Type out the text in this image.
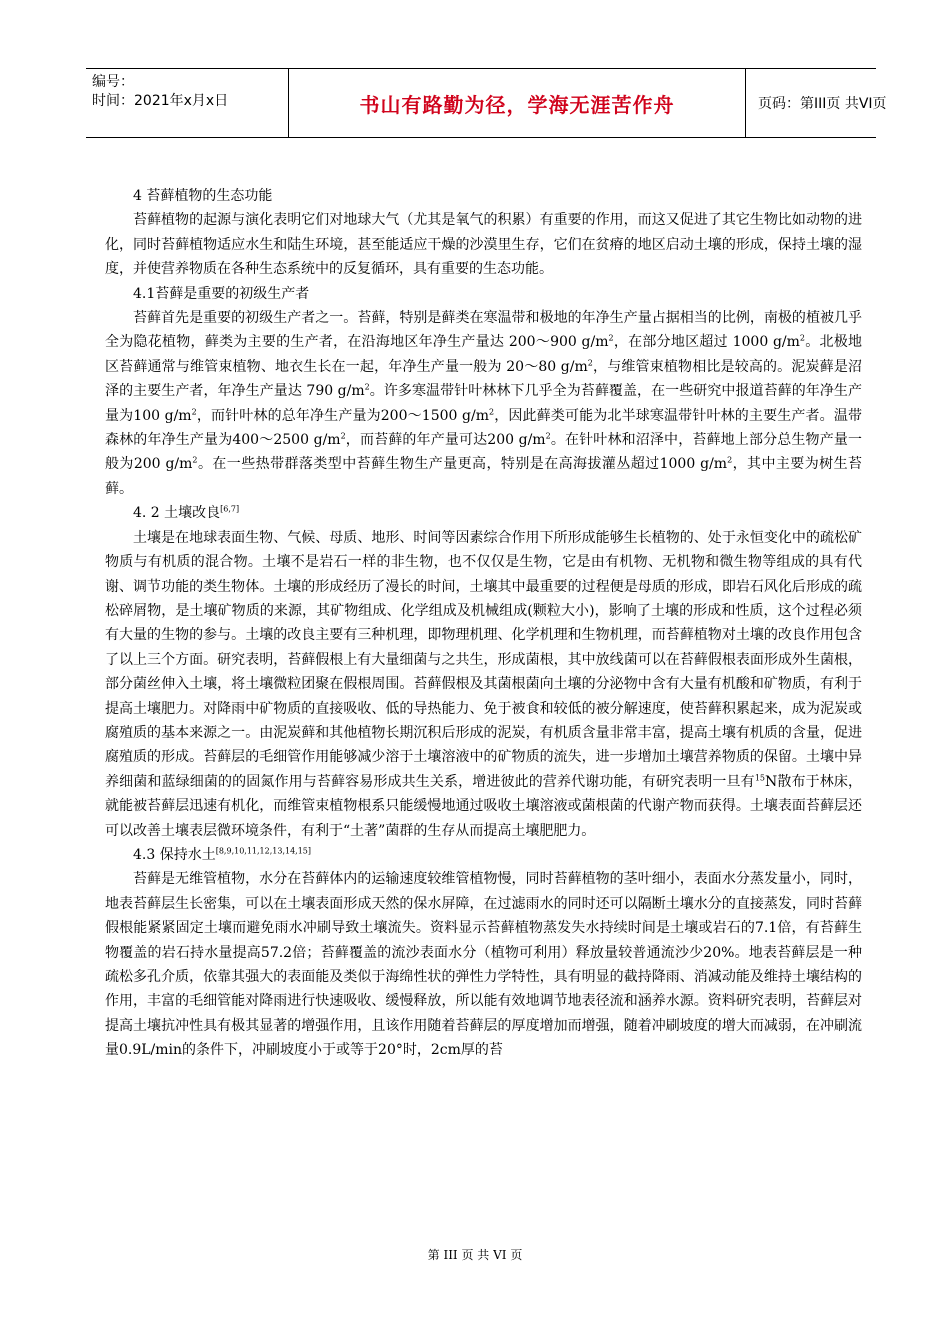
编号：
时间：2021年x月x日	书山有路勤为径，学海无涯苦作舟	页码：第III页 共VI页

4 苔藓植物的生态功能

苔藓植物的起源与演化表明它们对地球大气（尤其是氧气的积累）有重要的作用，而这又促进了其它生物比如动物的进化，同时苔藓植物适应水生和陆生环境，甚至能适应干燥的沙漠里生存，它们在贫瘠的地区启动土壤的形成，保持土壤的湿度，并使营养物质在各种生态系统中的反复循环，具有重要的生态功能。

4.1苔藓是重要的初级生产者

苔藓首先是重要的初级生产者之一。苔藓，特别是藓类在寒温带和极地的年净生产量占据相当的比例，南极的植被几乎全为隐花植物，藓类为主要的生产者，在沿海地区年净生产量达 200～900 $g/m^2$，在部分地区超过 1000 $g/m^2$。北极地区苔藓通常与维管束植物、地衣生长在一起，年净生产量一般为 20～80 $g/m^2$，与维管束植物相比是较高的。泥炭藓是沼泽的主要生产者，年净生产量达 790 $g/m^2$。许多寒温带针叶林林下几乎全为苔藓覆盖，在一些研究中报道苔藓的年净生产量为100 $g/m^2$，而针叶林的总年净生产量为200～1500 $g/m^2$，因此藓类可能为北半球寒温带针叶林的主要生产者。温带森林的年净生产量为400～2500 $g/m^2$，而苔藓的年产量可达200 $g/m^2$。在针叶林和沼泽中，苔藓地上部分总生物产量一般为200 $g/m^2$。在一些热带群落类型中苔藓生物生产量更高，特别是在高海拔灌丛超过1000 $g/m^2$，其中主要为树生苔藓。

4. 2 土壤改良[6,7]

土壤是在地球表面生物、气候、母质、地形、时间等因素综合作用下所形成能够生长植物的、处于永恒变化中的疏松矿物质与有机质的混合物。土壤不是岩石一样的非生物，也不仅仅是生物，它是由有机物、无机物和微生物等组成的具有代谢、调节功能的类生物体。土壤的形成经历了漫长的时间，土壤其中最重要的过程便是母质的形成，即岩石风化后形成的疏松碎屑物，是土壤矿物质的来源，其矿物组成、化学组成及机械组成(颗粒大小)，影响了土壤的形成和性质，这个过程必须有大量的生物的参与。土壤的改良主要有三种机理，即物理机理、化学机理和生物机理，而苔藓植物对土壤的改良作用包含了以上三个方面。研究表明，苔藓假根上有大量细菌与之共生，形成菌根，其中放线菌可以在苔藓假根表面形成外生菌根，部分菌丝伸入土壤，将土壤微粒团聚在假根周围。苔藓假根及其菌根菌向土壤的分泌物中含有大量有机酸和矿物质，有利于提高土壤肥力。对降雨中矿物质的直接吸收、低的导热能力、免于被食和较低的被分解速度，使苔藓积累起来，成为泥炭或腐殖质的基本来源之一。由泥炭藓和其他植物长期沉积后形成的泥炭，有机质含量非常丰富，提高土壤有机质的含量，促进腐殖质的形成。苔藓层的毛细管作用能够减少溶于土壤溶液中的矿物质的流失，进一步增加土壤营养物质的保留。土壤中异养细菌和蓝绿细菌的的固氮作用与苔藓容易形成共生关系，增进彼此的营养代谢功能，有研究表明一旦有$^{15}$N散布于林床，就能被苔藓层迅速有机化，而维管束植物根系只能缓慢地通过吸收土壤溶液或菌根菌的代谢产物而获得。土壤表面苔藓层还可以改善土壤表层微环境条件，有利于“土著”菌群的生存从而提高土壤肥肥力。

4.3 保持水土[8,9,10,11,12,13,14,15]

苔藓是无维管植物，水分在苔藓体内的运输速度较维管植物慢，同时苔藓植物的茎叶细小，表面水分蒸发量小，同时，地表苔藓层生长密集，可以在土壤表面形成天然的保水屏障，在过滤雨水的同时还可以隔断土壤水分的直接蒸发，同时苔藓假根能紧紧固定土壤而避免雨水冲刷导致土壤流失。资料显示苔藓植物蒸发失水持续时间是土壤或岩石的7.1倍，有苔藓生物覆盖的岩石持水量提高57.2倍；苔藓覆盖的流沙表面水分（植物可利用）释放量较普通流沙少20%。地表苔藓层是一种疏松多孔介质，依靠其强大的表面能及类似于海绵性状的弹性力学特性，具有明显的截持降雨、消减动能及维持土壤结构的作用，丰富的毛细管能对降雨进行快速吸收、缓慢释放，所以能有效地调节地表径流和涵养水源。资料研究表明，苔藓层对提高土壤抗冲性具有极其显著的增强作用，且该作用随着苔藓层的厚度增加而增强，随着冲刷坡度的增大而减弱，在冲刷流量0.9L/min的条件下，冲刷坡度小于或等于20°时，2cm厚的苔

第 III 页 共 VI 页
